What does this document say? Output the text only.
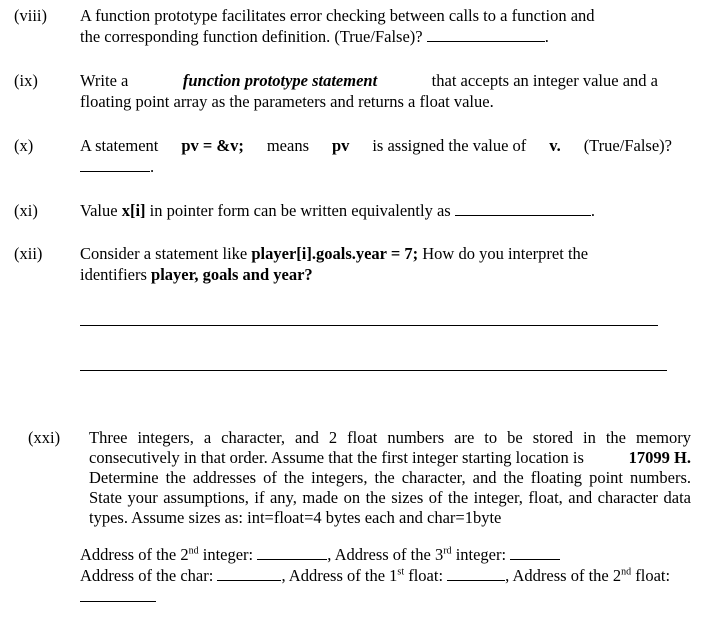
(viii) A function prototype facilitates error checking between calls to a function and
the corresponding function definition. (True/False)?	.
(ix)	Write a	function prototype statement	that accepts an integer value and a
floating point array as the parameters and returns a float value.
(x)	A statement pv = &v; means pv is assigned the value of v. (True/False)?
.
(xi)	Value x[i] in pointer form can be written equivalently as	.
(xii) Consider a statement like player[i].goals.year = 7; How do you interpret the
identifiers player, goals and year?
(xxi) Three integers, a character, and 2 float numbers are to be stored in the memory
consecutively in that order. Assume that the first integer starting location is	17099 H.
Determine the addresses of the integers, the character, and the floating point numbers.
State your assumptions, if any, made on the sizes of the integer, float, and character data
types. Assume sizes as: int=float=4 bytes each and char=1byte
Address of the 2nd integer:	, Address of the 3rd integer:
Address of the char:	, Address of the 1st float:	, Address of the 2nd float:
